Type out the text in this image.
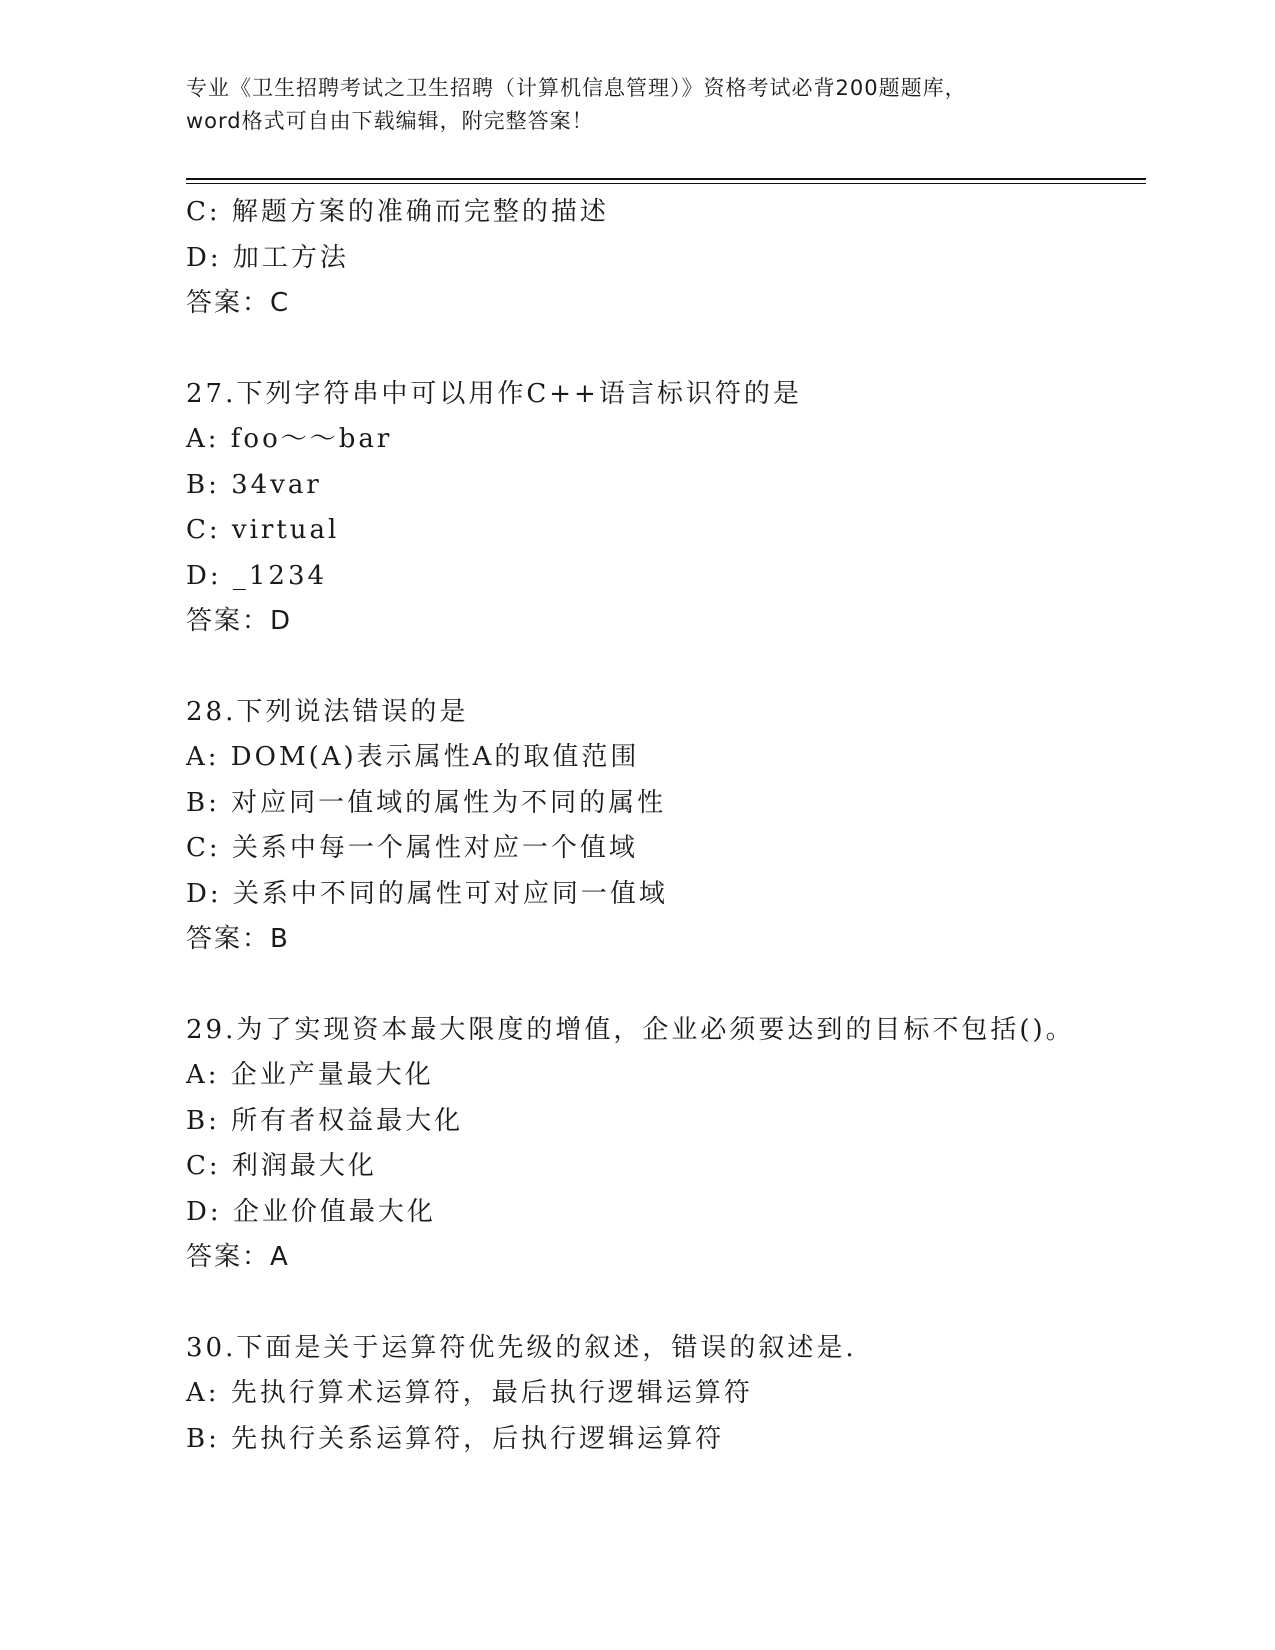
专业《卫生招聘考试之卫生招聘（计算机信息管理）》资格考试必背200题题库，
word格式可自由下载编辑，附完整答案！
C: 解题方案的准确而完整的描述
D: 加工方法
答案：C
27.下列字符串中可以用作C++语言标识符的是
A: foo～～bar
B: 34var
C: virtual
D: _1234
答案：D
28.下列说法错误的是
A: DOM(A)表示属性A的取值范围
B: 对应同一值域的属性为不同的属性
C: 关系中每一个属性对应一个值域
D: 关系中不同的属性可对应同一值域
答案：B
29.为了实现资本最大限度的增值，企业必须要达到的目标不包括()。
A: 企业产量最大化
B: 所有者权益最大化
C: 利润最大化
D: 企业价值最大化
答案：A
30.下面是关于运算符优先级的叙述，错误的叙述是.
A: 先执行算术运算符，最后执行逻辑运算符
B: 先执行关系运算符，后执行逻辑运算符
